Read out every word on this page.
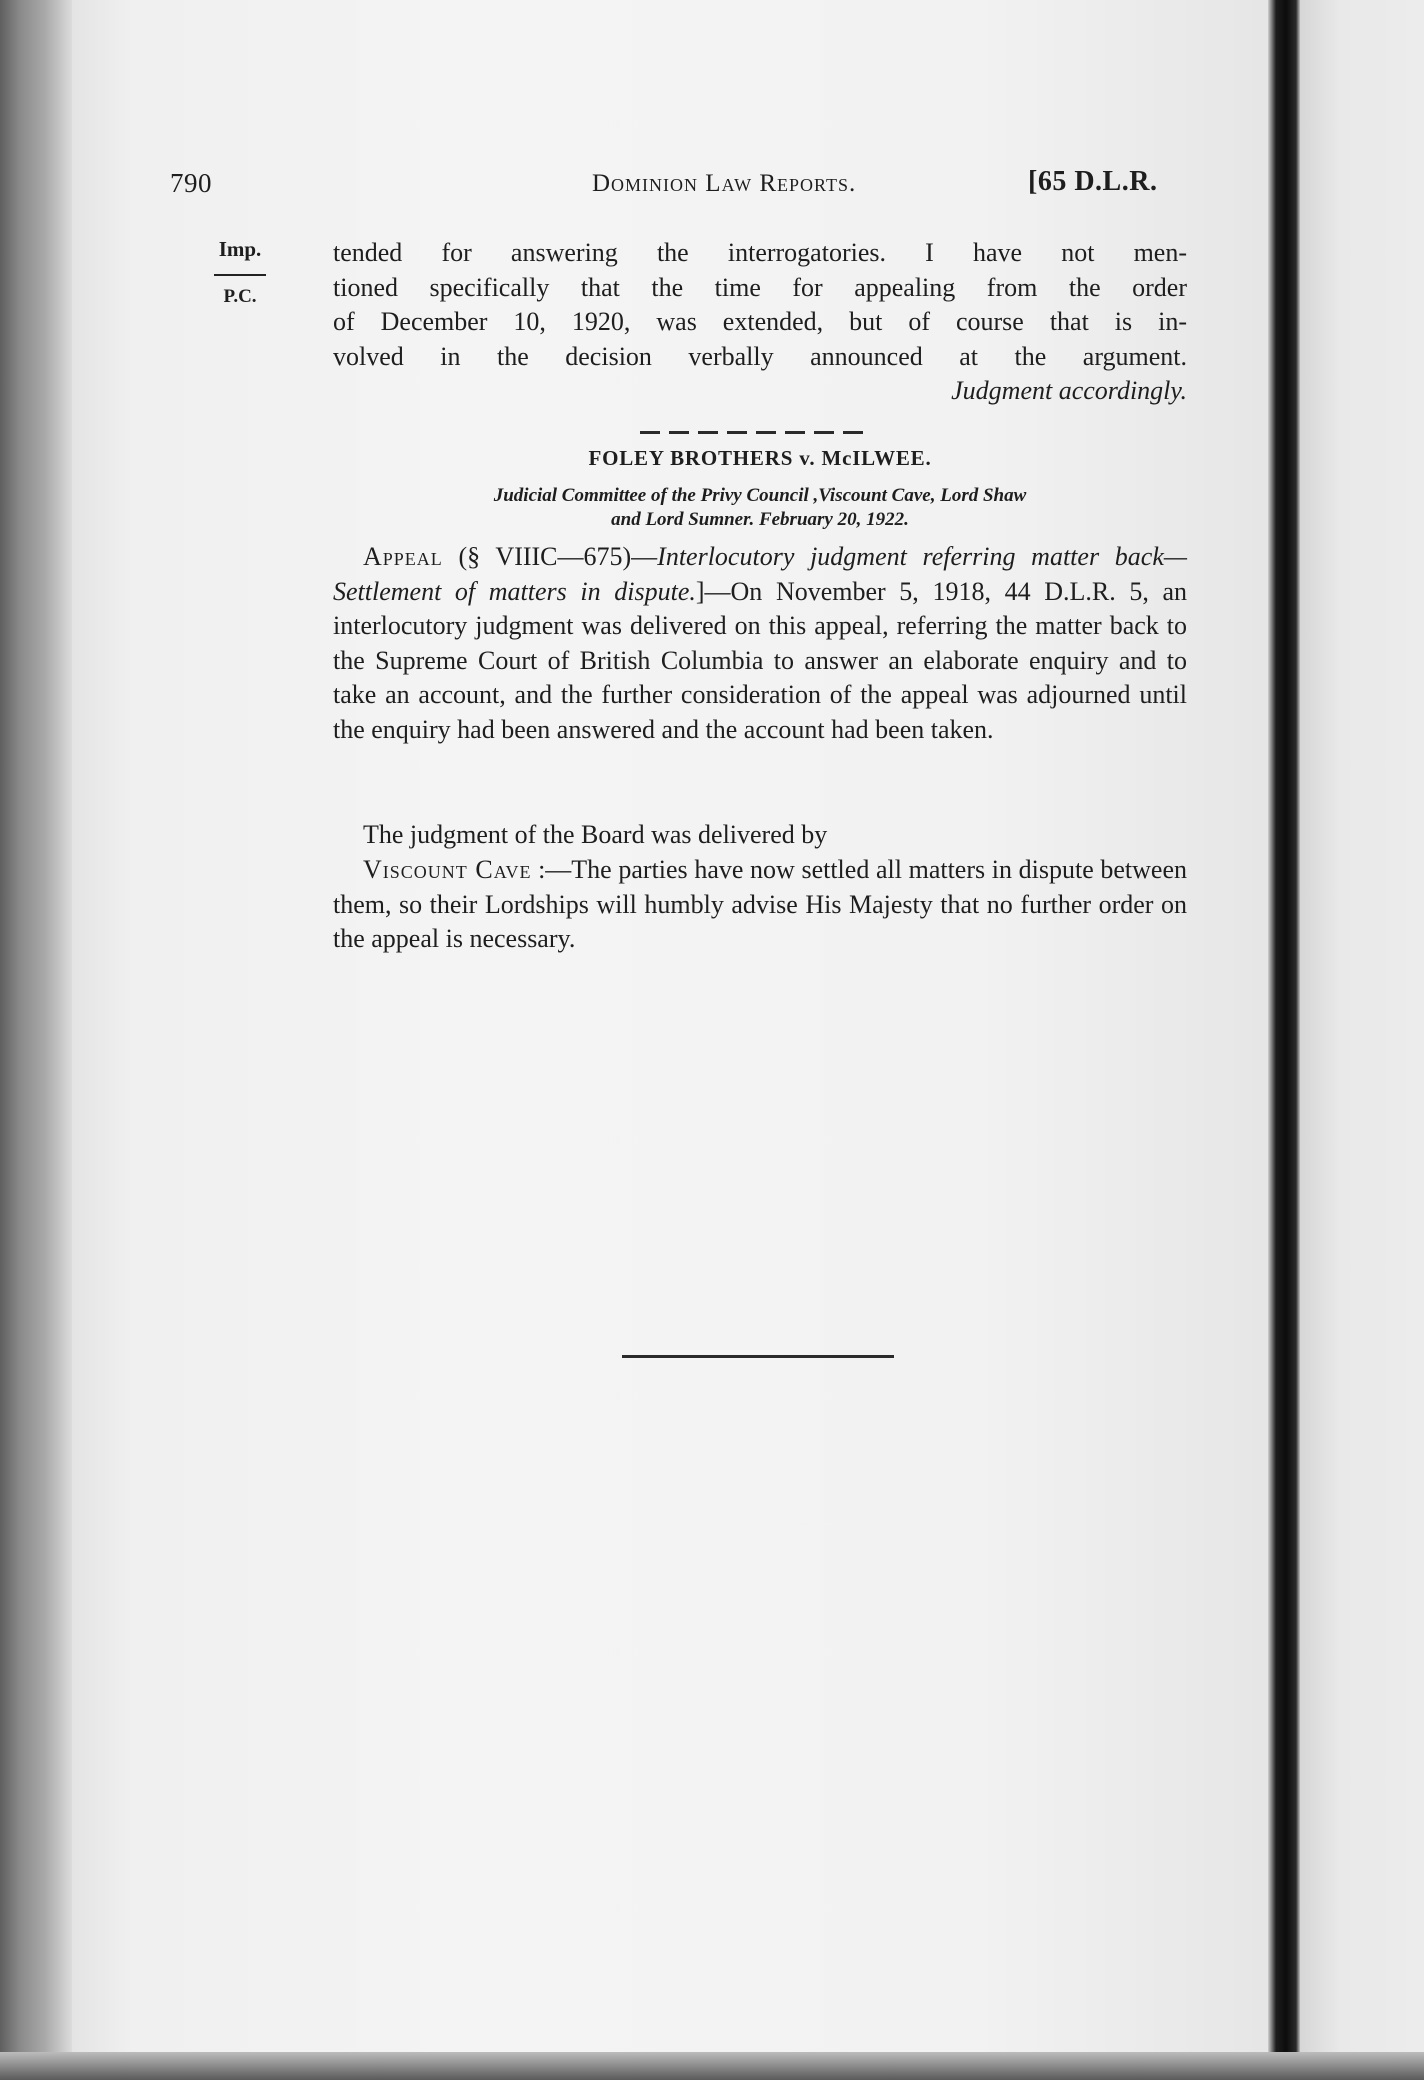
790	Dominion Law Reports.	[65 D.L.R.
Imp.
P.C.
tended for answering the interrogatories. I have not men-
tioned specifically that the time for appealing from the order
of December 10, 1920, was extended, but of course that is in-
volved in the decision verbally announced at the argument.
Judgment accordingly.
FOLEY BROTHERS v. McILWEE.
Judicial Committee of the Privy Council ,Viscount Cave, Lord Shaw
and Lord Sumner. February 20, 1922.
Appeal (§ VIIIC—675)—Interlocutory judgment referring matter back—Settlement of matters in dispute.]—On November 5, 1918, 44 D.L.R. 5, an interlocutory judgment was delivered on this appeal, referring the matter back to the Supreme Court of British Columbia to answer an elaborate enquiry and to take an account, and the further consideration of the appeal was adjourned until the enquiry had been answered and the account had been taken.
The judgment of the Board was delivered by
Viscount Cave :—The parties have now settled all matters in dispute between them, so their Lordships will humbly advise His Majesty that no further order on the appeal is necessary.
